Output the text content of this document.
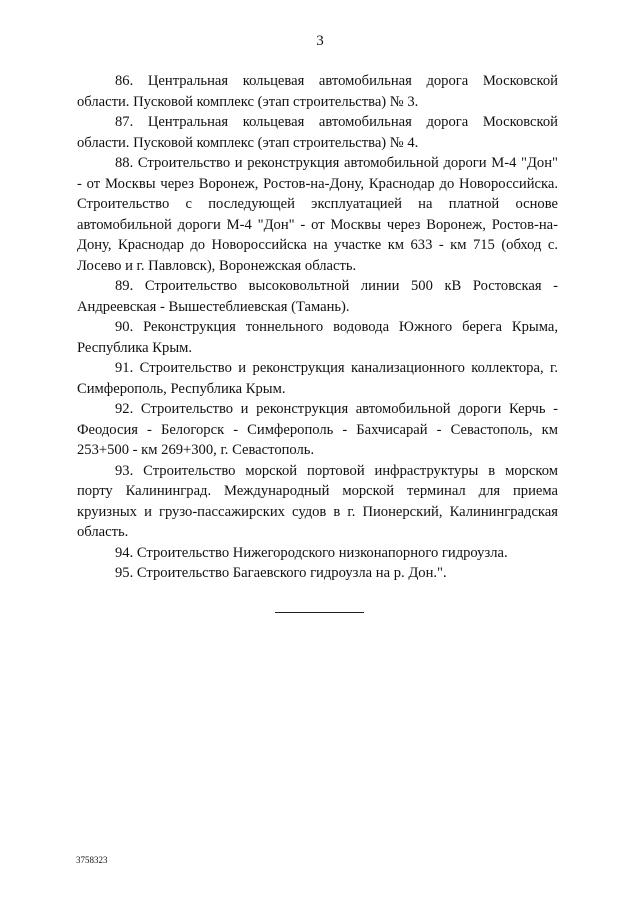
3

86. Центральная кольцевая автомобильная дорога Московской области. Пусковой комплекс (этап строительства) № 3.

87. Центральная кольцевая автомобильная дорога Московской области. Пусковой комплекс (этап строительства) № 4.

88. Строительство и реконструкция автомобильной дороги М-4 "Дон" - от Москвы через Воронеж, Ростов-на-Дону, Краснодар до Новороссийска. Строительство с последующей эксплуатацией на платной основе автомобильной дороги М-4 "Дон" - от Москвы через Воронеж, Ростов-на-Дону, Краснодар до Новороссийска на участке км 633 - км 715 (обход с. Лосево и г. Павловск), Воронежская область.

89. Строительство высоковольтной линии 500 кВ Ростовская - Андреевская - Вышестеблиевская (Тамань).

90. Реконструкция тоннельного водовода Южного берега Крыма, Республика Крым.

91. Строительство и реконструкция канализационного коллектора, г. Симферополь, Республика Крым.

92. Строительство и реконструкция автомобильной дороги Керчь - Феодосия - Белогорск - Симферополь - Бахчисарай - Севастополь, км 253+500 - км 269+300, г. Севастополь.

93. Строительство морской портовой инфраструктуры в морском порту Калининград. Международный морской терминал для приема круизных и грузо-пассажирских судов в г. Пионерский, Калининградская область.

94. Строительство Нижегородского низконапорного гидроузла.

95. Строительство Багаевского гидроузла на р. Дон.".

3758323
